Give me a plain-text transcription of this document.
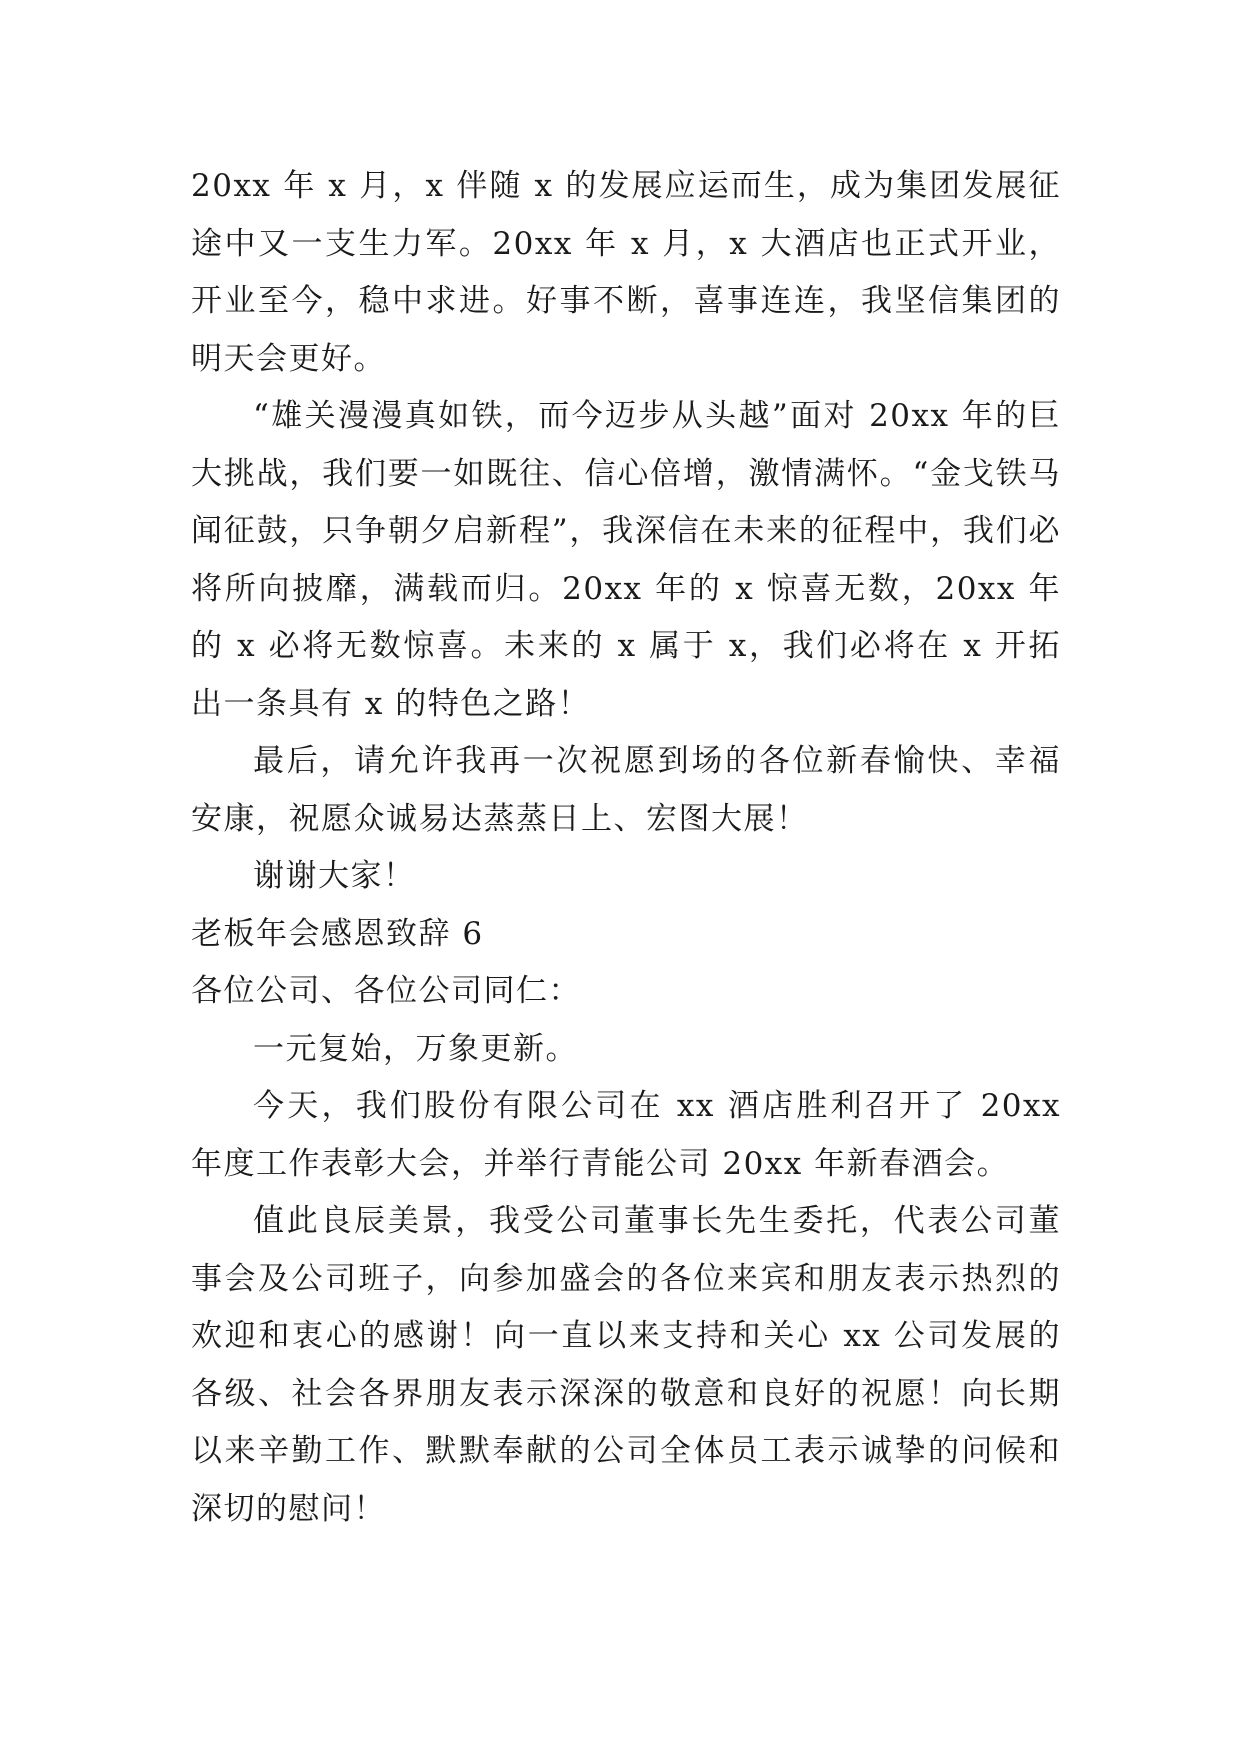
20xx 年 x 月，x 伴随 x 的发展应运而生，成为集团发展征途中又一支生力军。20xx 年 x 月，x 大酒店也正式开业，开业至今，稳中求进。好事不断，喜事连连，我坚信集团的明天会更好。

“雄关漫漫真如铁，而今迈步从头越”面对 20xx 年的巨大挑战，我们要一如既往、信心倍增，激情满怀。“金戈铁马闻征鼓，只争朝夕启新程”，我深信在未来的征程中，我们必将所向披靡，满载而归。20xx 年的 x 惊喜无数，20xx 年的 x 必将无数惊喜。未来的 x 属于 x，我们必将在 x 开拓出一条具有 x 的特色之路！

最后，请允许我再一次祝愿到场的各位新春愉快、幸福安康，祝愿众诚易达蒸蒸日上、宏图大展！

谢谢大家！

老板年会感恩致辞 6

各位公司、各位公司同仁：

一元复始，万象更新。

今天，我们股份有限公司在 xx 酒店胜利召开了 20xx 年度工作表彰大会，并举行青能公司 20xx 年新春酒会。

值此良辰美景，我受公司董事长先生委托，代表公司董事会及公司班子，向参加盛会的各位来宾和朋友表示热烈的欢迎和衷心的感谢！向一直以来支持和关心 xx 公司发展的各级、社会各界朋友表示深深的敬意和良好的祝愿！向长期以来辛勤工作、默默奉献的公司全体员工表示诚挚的问候和深切的慰问！
